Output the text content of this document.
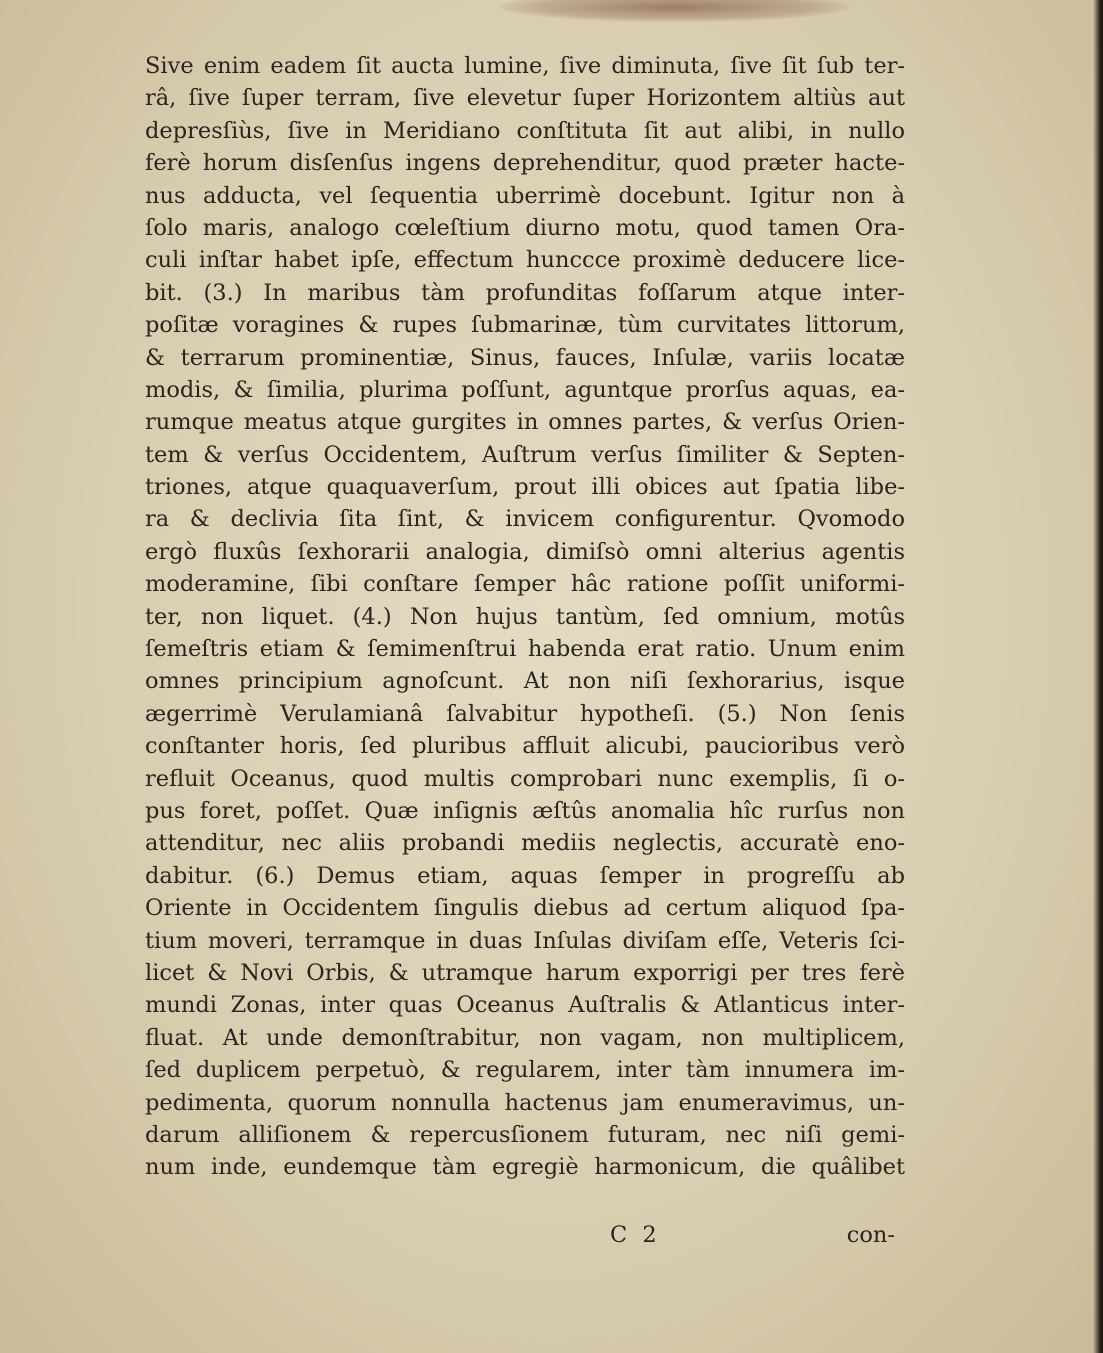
Sive enim eadem ſit aucta lumine, ſive diminuta, ſive ſit ſub ter-
râ, ſive ſuper terram, ſive elevetur ſuper Horizontem altiùs aut
depresſiùs, ſive in Meridiano conſtituta ſit aut alibi, in nullo
ferè horum disſenſus ingens deprehenditur, quod præter hacte-
nus adducta, vel ſequentia uberrimè docebunt. Igitur non à
ſolo maris, analogo cœleſtium diurno motu, quod tamen Ora-
culi inſtar habet ipſe, effectum hunccce proximè deducere lice-
bit. (3.) In maribus tàm profunditas foſſarum atque inter-
poſitæ voragines & rupes ſubmarinæ, tùm curvitates littorum,
& terrarum prominentiæ, Sinus, fauces, Inſulæ, variis locatæ
modis, & ſimilia, plurima poſſunt, aguntque prorſus aquas, ea-
rumque meatus atque gurgites in omnes partes, & verſus Orien-
tem & verſus Occidentem, Auſtrum verſus ſimiliter & Septen-
triones, atque quaquaverſum, prout illi obices aut ſpatia libe-
ra & declivia ſita ſint, & invicem configurentur. Qvomodo
ergò fluxûs ſexhorarii analogia, dimiſsò omni alterius agentis
moderamine, ſibi conſtare ſemper hâc ratione poſſit uniformi-
ter, non liquet. (4.) Non hujus tantùm, ſed omnium, motûs
ſemeſtris etiam & ſemimenſtrui habenda erat ratio. Unum enim
omnes principium agnoſcunt. At non niſi ſexhorarius, isque
ægerrimè Verulamianâ ſalvabitur hypotheſi. (5.) Non ſenis
conſtanter horis, ſed pluribus affluit alicubi, paucioribus verò
refluit Oceanus, quod multis comprobari nunc exemplis, ſi o-
pus foret, poſſet. Quæ inſignis æſtûs anomalia hîc rurſus non
attenditur, nec aliis probandi mediis neglectis, accuratè eno-
dabitur. (6.) Demus etiam, aquas ſemper in progreſſu ab
Oriente in Occidentem ſingulis diebus ad certum aliquod ſpa-
tium moveri, terramque in duas Inſulas diviſam eſſe, Veteris ſci-
licet & Novi Orbis, & utramque harum exporrigi per tres ferè
mundi Zonas, inter quas Oceanus Auſtralis & Atlanticus inter-
fluat. At unde demonſtrabitur, non vagam, non multiplicem,
ſed duplicem perpetuò, & regularem, inter tàm innumera im-
pedimenta, quorum nonnulla hactenus jam enumeravimus, un-
darum alliſionem & repercusſionem futuram, nec niſi gemi-
num inde, eundemque tàm egregiè harmonicum, die quâlibet
C 2	con-
